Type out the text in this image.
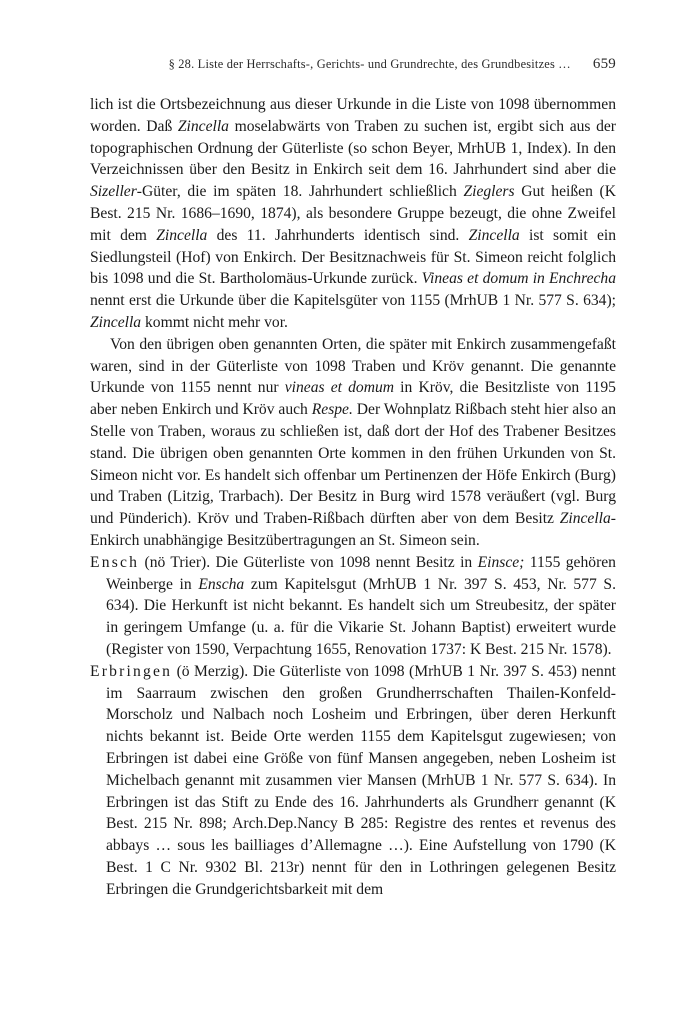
§ 28. Liste der Herrschafts-, Gerichts- und Grundrechte, des Grundbesitzes … 659

lich ist die Ortsbezeichnung aus dieser Urkunde in die Liste von 1098 übernommen worden. Daß Zincella moselabwärts von Traben zu suchen ist, ergibt sich aus der topographischen Ordnung der Güterliste (so schon Beyer, MrhUB 1, Index). In den Verzeichnissen über den Besitz in Enkirch seit dem 16. Jahrhundert sind aber die Sizeller-Güter, die im späten 18. Jahrhundert schließlich Zieglers Gut heißen (K Best. 215 Nr. 1686–1690, 1874), als besondere Gruppe bezeugt, die ohne Zweifel mit dem Zincella des 11. Jahrhunderts identisch sind. Zincella ist somit ein Siedlungsteil (Hof) von Enkirch. Der Besitznachweis für St. Simeon reicht folglich bis 1098 und die St. Bartholomäus-Urkunde zurück. Vineas et domum in Enchrecha nennt erst die Urkunde über die Kapitelsgüter von 1155 (MrhUB 1 Nr. 577 S. 634); Zincella kommt nicht mehr vor.

Von den übrigen oben genannten Orten, die später mit Enkirch zusammengefaßt waren, sind in der Güterliste von 1098 Traben und Kröv genannt. Die genannte Urkunde von 1155 nennt nur vineas et domum in Kröv, die Besitzliste von 1195 aber neben Enkirch und Kröv auch Respe. Der Wohnplatz Rißbach steht hier also an Stelle von Traben, woraus zu schließen ist, daß dort der Hof des Trabener Besitzes stand. Die übrigen oben genannten Orte kommen in den frühen Urkunden von St. Simeon nicht vor. Es handelt sich offenbar um Pertinenzen der Höfe Enkirch (Burg) und Traben (Litzig, Trarbach). Der Besitz in Burg wird 1578 veräußert (vgl. Burg und Pünderich). Kröv und Traben-Rißbach dürften aber von dem Besitz Zincella-Enkirch unabhängige Besitzübertragungen an St. Simeon sein.

Ensch (nö Trier). Die Güterliste von 1098 nennt Besitz in Einsce; 1155 gehören Weinberge in Enscha zum Kapitelsgut (MrhUB 1 Nr. 397 S. 453, Nr. 577 S. 634). Die Herkunft ist nicht bekannt. Es handelt sich um Streubesitz, der später in geringem Umfange (u. a. für die Vikarie St. Johann Baptist) erweitert wurde (Register von 1590, Verpachtung 1655, Renovation 1737: K Best. 215 Nr. 1578).

Erbringen (ö Merzig). Die Güterliste von 1098 (MrhUB 1 Nr. 397 S. 453) nennt im Saarraum zwischen den großen Grundherrschaften Thailen-Konfeld-Morscholz und Nalbach noch Losheim und Erbringen, über deren Herkunft nichts bekannt ist. Beide Orte werden 1155 dem Kapitelsgut zugewiesen; von Erbringen ist dabei eine Größe von fünf Mansen angegeben, neben Losheim ist Michelbach genannt mit zusammen vier Mansen (MrhUB 1 Nr. 577 S. 634). In Erbringen ist das Stift zu Ende des 16. Jahrhunderts als Grundherr genannt (K Best. 215 Nr. 898; Arch.Dep.Nancy B 285: Registre des rentes et revenus des abbays … sous les bailliages d’Allemagne …). Eine Aufstellung von 1790 (K Best. 1 C Nr. 9302 Bl. 213r) nennt für den in Lothringen gelegenen Besitz Erbringen die Grundgerichtsbarkeit mit dem
